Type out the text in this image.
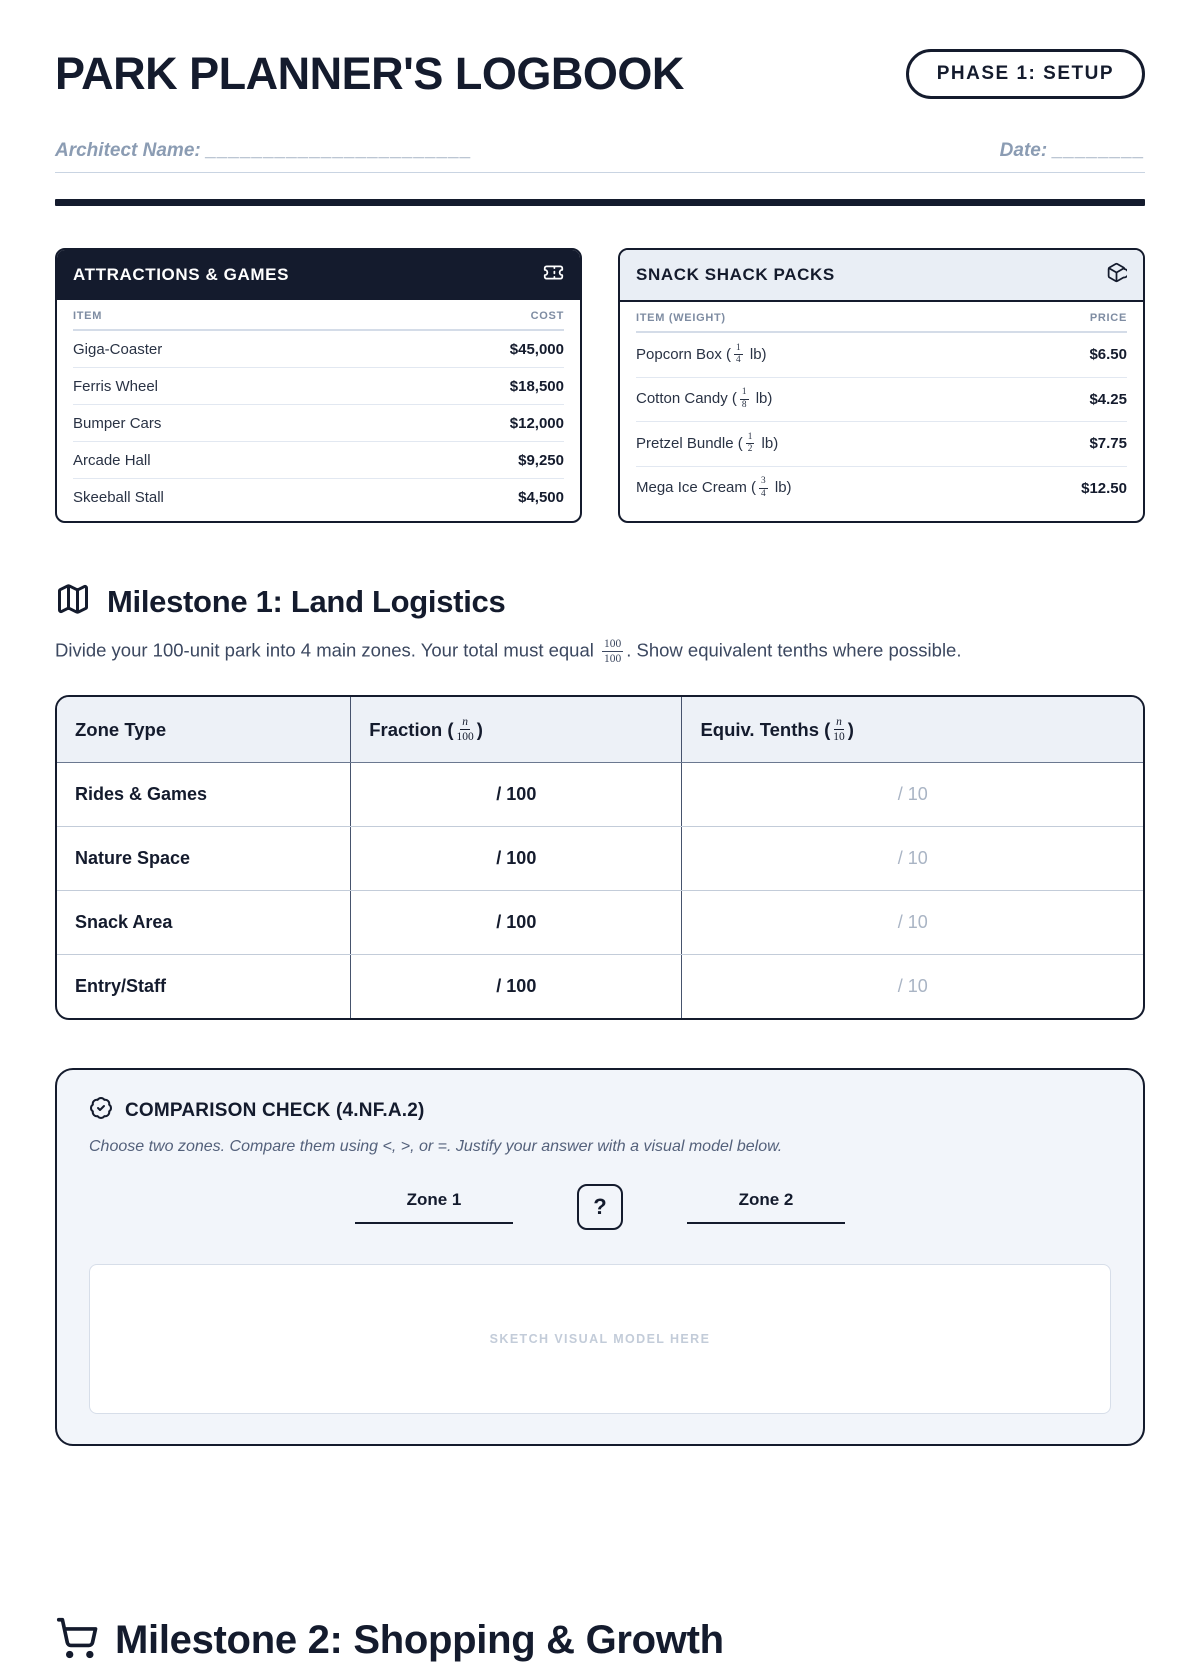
PARK PLANNER'S LOGBOOK	PHASE 1: SETUP
Architect Name: _______________________	Date: ________
ATTRACTIONS & GAMES
ITEM	COST
Giga-Coaster	$45,000
Ferris Wheel	$18,500
Bumper Cars	$12,000
Arcade Hall	$9,250
Skeeball Stall	$4,500
SNACK SHACK PACKS
ITEM (WEIGHT)	PRICE
Popcorn Box ( $\frac{1}{4} lb$)	$6.50
Cotton Candy ( $\frac{1}{8} lb$)	$4.25
Pretzel Bundle ( $\frac{1}{2} lb$)	$7.75
Mega Ice Cream ( $\frac{3}{4} lb$)	$12.50
Milestone 1: Land Logistics

Divide your 100-unit park into 4 main zones. Your total must equal $\frac{100}{100}$ . Show equivalent tenths where possible.

Zone Type	Fraction ( $\frac{n}{100}$ )	Equiv. Tenths ( $\frac{n}{10}$ )
Rides & Games	/ 100	/ 10
Nature Space	/ 100	/ 10
Snack Area	/ 100	/ 10
Entry/Staff	/ 100	/ 10
COMPARISON CHECK (4.NF.A.2)
Choose two zones. Compare them using <, >, or =. Justify your answer with a visual model below.
Zone 1	?	Zone 2
SKETCH VISUAL MODEL HERE
Milestone 2: Shopping & Growth
